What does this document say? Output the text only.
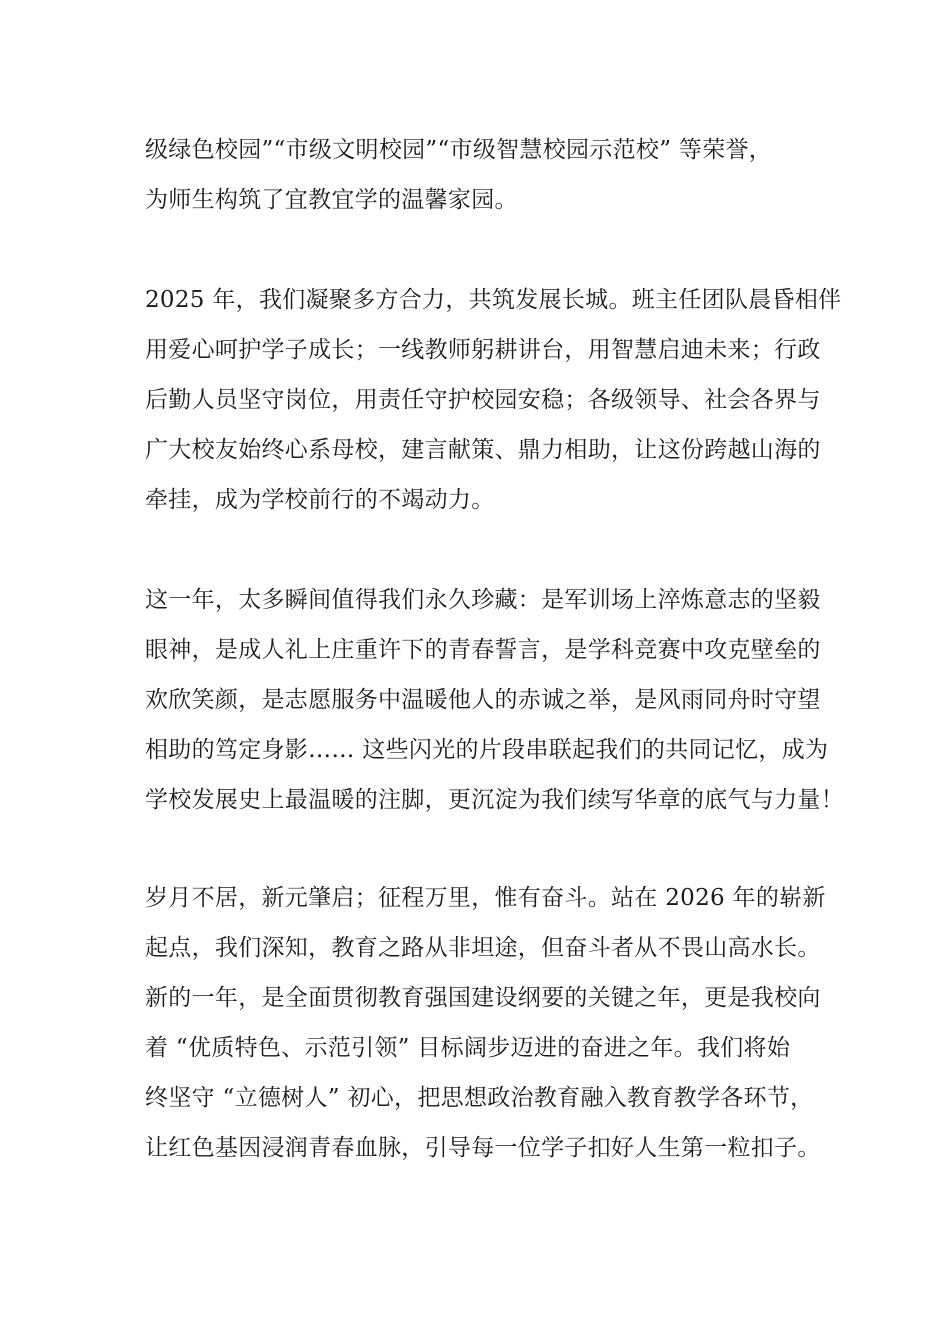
级绿色校园”“市级文明校园”“市级智慧校园示范校” 等荣誉，
为师生构筑了宜教宜学的温馨家园。
2025 年，我们凝聚多方合力，共筑发展长城。班主任团队晨昏相伴
用爱心呵护学子成长；一线教师躬耕讲台，用智慧启迪未来；行政
后勤人员坚守岗位，用责任守护校园安稳；各级领导、社会各界与
广大校友始终心系母校，建言献策、鼎力相助，让这份跨越山海的
牵挂，成为学校前行的不竭动力。
这一年，太多瞬间值得我们永久珍藏：是军训场上淬炼意志的坚毅
眼神，是成人礼上庄重许下的青春誓言，是学科竞赛中攻克壁垒的
欢欣笑颜，是志愿服务中温暖他人的赤诚之举，是风雨同舟时守望
相助的笃定身影…… 这些闪光的片段串联起我们的共同记忆，成为
学校发展史上最温暖的注脚，更沉淀为我们续写华章的底气与力量！
岁月不居，新元肇启；征程万里，惟有奋斗。站在 2026 年的崭新
起点，我们深知，教育之路从非坦途，但奋斗者从不畏山高水长。
新的一年，是全面贯彻教育强国建设纲要的关键之年，更是我校向
着 “优质特色、示范引领” 目标阔步迈进的奋进之年。我们将始
终坚守 “立德树人” 初心，把思想政治教育融入教育教学各环节，
让红色基因浸润青春血脉，引导每一位学子扣好人生第一粒扣子。
